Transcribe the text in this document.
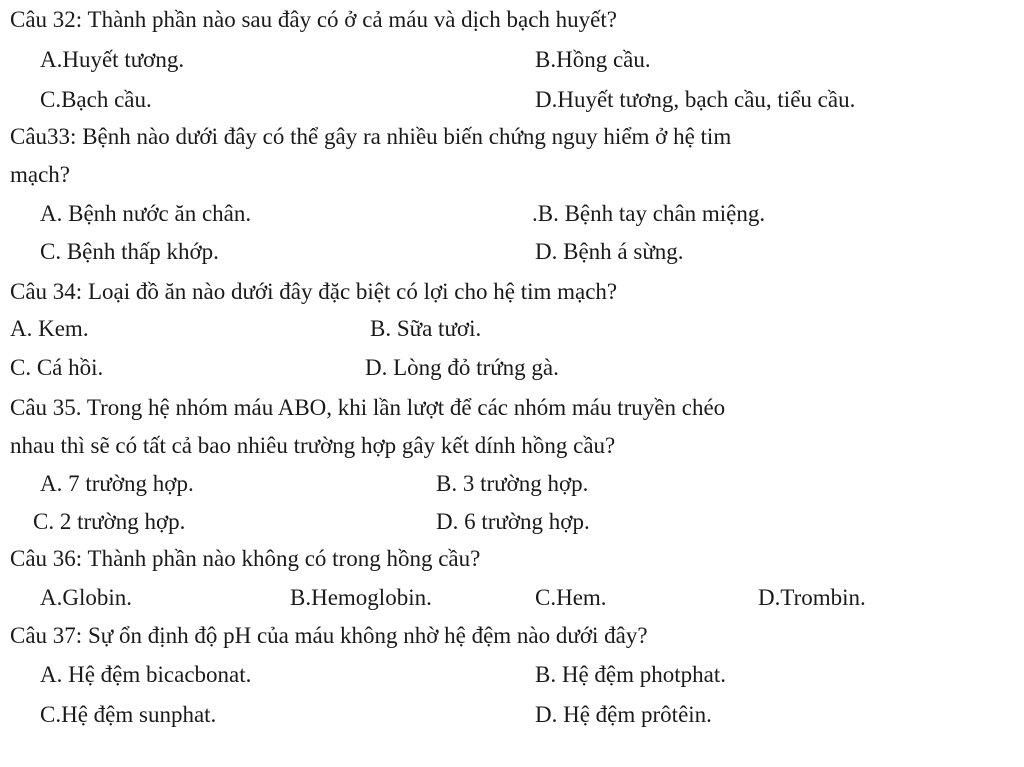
Câu 32: Thành phần nào sau đây có ở cả máu và dịch bạch huyết?
A.Huyết tương.	B.Hồng cầu.
C.Bạch cầu.	D.Huyết tương, bạch cầu, tiểu cầu.
Câu33: Bệnh nào dưới đây có thể gây ra nhiều biến chứng nguy hiểm ở hệ tim
mạch?
A. Bệnh nước ăn chân.	.B. Bệnh tay chân miệng.
C. Bệnh thấp khớp.	D. Bệnh á sừng.
Câu 34: Loại đồ ăn nào dưới đây đặc biệt có lợi cho hệ tim mạch?
A. Kem.	B. Sữa tươi.
C. Cá hồi.	D. Lòng đỏ trứng gà.
Câu 35. Trong hệ nhóm máu ABO, khi lần lượt để các nhóm máu truyền chéo
nhau thì sẽ có tất cả bao nhiêu trường hợp gây kết dính hồng cầu?
A. 7 trường hợp.	B. 3 trường hợp.
C. 2 trường hợp.	D. 6 trường hợp.
Câu 36: Thành phần nào không có trong hồng cầu?
A.Globin.	B.Hemoglobin.	C.Hem.	D.Trombin.
Câu 37: Sự ổn định độ pH của máu không nhờ hệ đệm nào dưới đây?
A. Hệ đệm bicacbonat.	B. Hệ đệm photphat.
C.Hệ đệm sunphat.	D. Hệ đệm prôtêin.
